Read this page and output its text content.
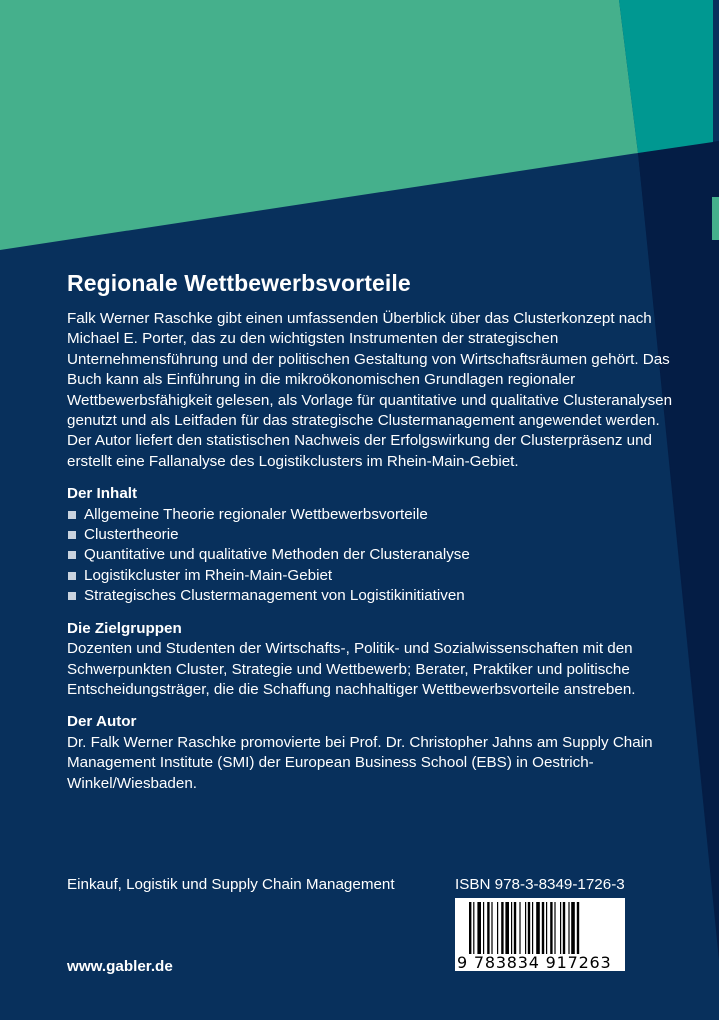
Regionale Wettbewerbsvorteile

Falk Werner Raschke gibt einen umfassenden Überblick über das Clusterkonzept nach Michael E. Porter, das zu den wichtigsten Instrumenten der strategischen Unternehmensführung und der politischen Gestaltung von Wirtschaftsräumen gehört. Das Buch kann als Einführung in die mikroökonomischen Grundlagen regionaler Wettbewerbsfähigkeit gelesen, als Vorlage für quantitative und qualitative Clusteranalysen genutzt und als Leitfaden für das strategische Clustermanagement angewendet werden. Der Autor liefert den statistischen Nachweis der Erfolgswirkung der Clusterpräsenz und erstellt eine Fallanalyse des Logistikclusters im Rhein-Main-Gebiet.

Der Inhalt
Allgemeine Theorie regionaler Wettbewerbsvorteile
Clustertheorie
Quantitative und qualitative Methoden der Clusteranalyse
Logistikcluster im Rhein-Main-Gebiet
Strategisches Clustermanagement von Logistikinitiativen
Die Zielgruppen

Dozenten und Studenten der Wirtschafts-, Politik- und Sozialwissenschaften mit den Schwerpunkten Cluster, Strategie und Wettbewerb; Berater, Praktiker und politische Entscheidungsträger, die die Schaffung nachhaltiger Wettbewerbsvorteile anstreben.

Der Autor

Dr. Falk Werner Raschke promovierte bei Prof. Dr. Christopher Jahns am Supply Chain Management Institute (SMI) der European Business School (EBS) in Oestrich-Winkel/Wiesbaden.

Einkauf, Logistik und Supply Chain Management	ISBN 978-3-8349-1726-3
9 783834 917263
www.gabler.de
